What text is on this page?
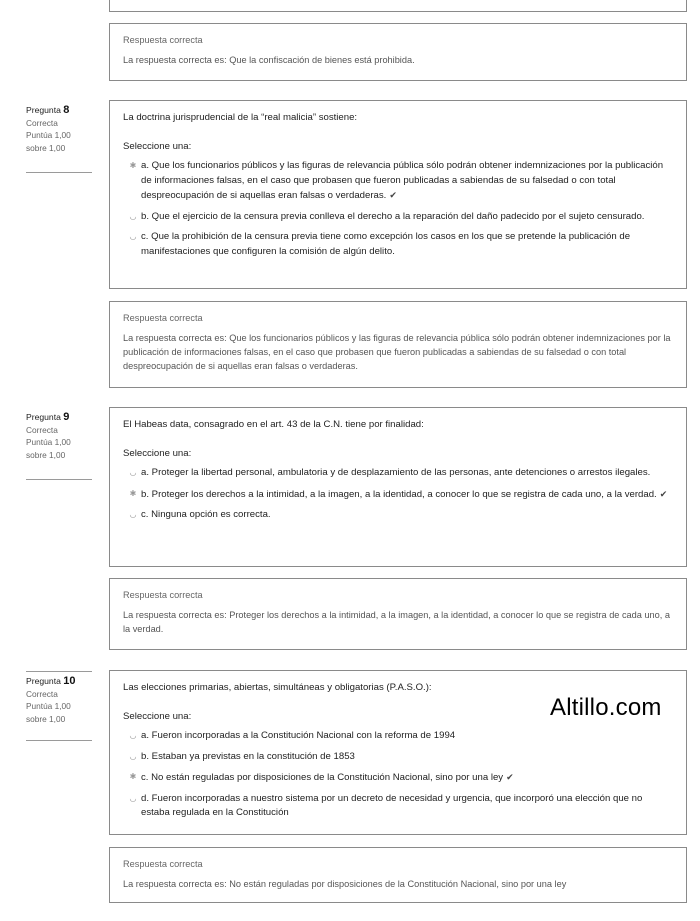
Respuesta correcta
La respuesta correcta es: Que la confiscación de bienes está prohibida.
Pregunta 8
Correcta
Puntúa 1,00
sobre 1,00
La doctrina jurisprudencial de la “real malicia” sostiene:
Seleccione una:
✱ a. Que los funcionarios públicos y las figuras de relevancia pública sólo podrán obtener indemnizaciones por la publicación de informaciones falsas, en el caso que probasen que fueron publicadas a sabiendas de su falsedad o con total despreocupación de si aquellas eran falsas o verdaderas. ✔
◡ b. Que el ejercicio de la censura previa conlleva el derecho a la reparación del daño padecido por el sujeto censurado.
◡ c. Que la prohibición de la censura previa tiene como excepción los casos en los que se pretende la publicación de manifestaciones que configuren la comisión de algún delito.
Respuesta correcta
La respuesta correcta es: Que los funcionarios públicos y las figuras de relevancia pública sólo podrán obtener indemnizaciones por la publicación de informaciones falsas, en el caso que probasen que fueron publicadas a sabiendas de su falsedad o con total despreocupación de si aquellas eran falsas o verdaderas.
Pregunta 9
Correcta
Puntúa 1,00
sobre 1,00
El Habeas data, consagrado en el art. 43 de la C.N. tiene por finalidad:
Seleccione una:
◡ a. Proteger la libertad personal, ambulatoria y de desplazamiento de las personas, ante detenciones o arrestos ilegales.
✱ b. Proteger los derechos a la intimidad, a la imagen, a la identidad, a conocer lo que se registra de cada uno, a la verdad. ✔
◡ c. Ninguna opción es correcta.
Respuesta correcta
La respuesta correcta es: Proteger los derechos a la intimidad, a la imagen, a la identidad, a conocer lo que se registra de cada uno, a la verdad.
Pregunta 10
Correcta
Puntúa 1,00
sobre 1,00
Las elecciones primarias, abiertas, simultáneas y obligatorias (P.A.S.O.):
Seleccione una:
◡ a. Fueron incorporadas a la Constitución Nacional con la reforma de 1994
◡ b. Estaban ya previstas en la constitución de 1853
✱ c. No están reguladas por disposiciones de la Constitución Nacional, sino por una ley ✔
◡ d. Fueron incorporadas a nuestro sistema por un decreto de necesidad y urgencia, que incorporó una elección que no estaba regulada en la Constitución
Respuesta correcta
La respuesta correcta es: No están reguladas por disposiciones de la Constitución Nacional, sino por una ley
Altillo.com
